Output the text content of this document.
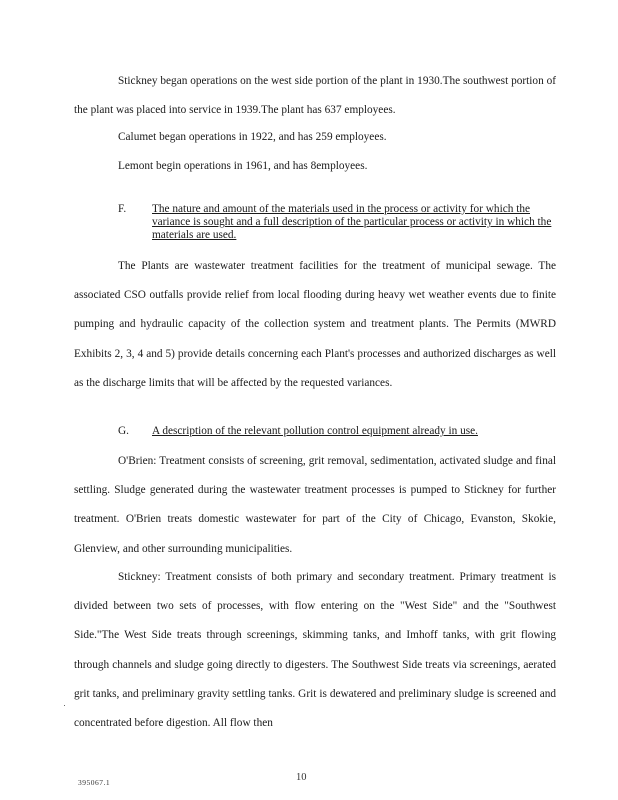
Stickney began operations on the west side portion of the plant in 1930.The southwest portion of the plant was placed into service in 1939.The plant has 637 employees.

Calumet began operations in 1922, and has 259 employees.

Lemont begin operations in 1961, and has 8employees.

F. The nature and amount of the materials used in the process or activity for which the variance is sought and a full description of the particular process or activity in which the materials are used.

The Plants are wastewater treatment facilities for the treatment of municipal sewage. The associated CSO outfalls provide relief from local flooding during heavy wet weather events due to finite pumping and hydraulic capacity of the collection system and treatment plants. The Permits (MWRD Exhibits 2, 3, 4 and 5) provide details concerning each Plant's processes and authorized discharges as well as the discharge limits that will be affected by the requested variances.

G. A description of the relevant pollution control equipment already in use.

O'Brien: Treatment consists of screening, grit removal, sedimentation, activated sludge and final settling. Sludge generated during the wastewater treatment processes is pumped to Stickney for further treatment. O'Brien treats domestic wastewater for part of the City of Chicago, Evanston, Skokie, Glenview, and other surrounding municipalities.

Stickney: Treatment consists of both primary and secondary treatment. Primary treatment is divided between two sets of processes, with flow entering on the "West Side" and the "Southwest Side."The West Side treats through screenings, skimming tanks, and Imhoff tanks, with grit flowing through channels and sludge going directly to digesters. The Southwest Side treats via screenings, aerated grit tanks, and preliminary gravity settling tanks. Grit is dewatered and preliminary sludge is screened and concentrated before digestion. All flow then

395067.1	10
